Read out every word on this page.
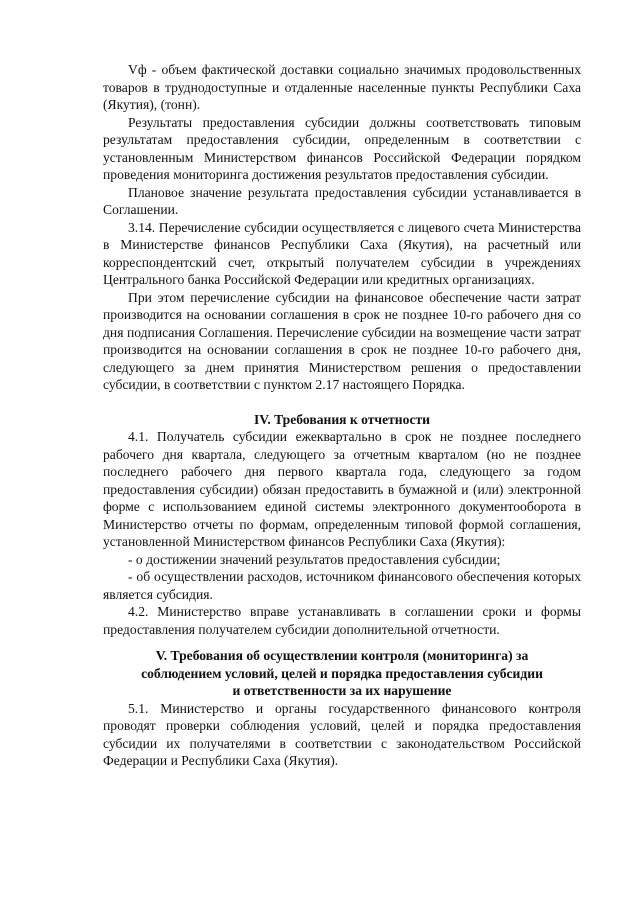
Vф - объем фактической доставки социально значимых продовольственных товаров в труднодоступные и отдаленные населенные пункты Республики Саха (Якутия), (тонн).

Результаты предоставления субсидии должны соответствовать типовым результатам предоставления субсидии, определенным в соответствии с установленным Министерством финансов Российской Федерации порядком проведения мониторинга достижения результатов предоставления субсидии.

Плановое значение результата предоставления субсидии устанавливается в Соглашении.

3.14. Перечисление субсидии осуществляется с лицевого счета Министерства в Министерстве финансов Республики Саха (Якутия), на расчетный или корреспондентский счет, открытый получателем субсидии в учреждениях Центрального банка Российской Федерации или кредитных организациях.

При этом перечисление субсидии на финансовое обеспечение части затрат производится на основании соглашения в срок не позднее 10-го рабочего дня со дня подписания Соглашения. Перечисление субсидии на возмещение части затрат производится на основании соглашения в срок не позднее 10-го рабочего дня, следующего за днем принятия Министерством решения о предоставлении субсидии, в соответствии с пунктом 2.17 настоящего Порядка.

IV. Требования к отчетности

4.1. Получатель субсидии ежеквартально в срок не позднее последнего рабочего дня квартала, следующего за отчетным кварталом (но не позднее последнего рабочего дня первого квартала года, следующего за годом предоставления субсидии) обязан предоставить в бумажной и (или) электронной форме с использованием единой системы электронного документооборота в Министерство отчеты по формам, определенным типовой формой соглашения, установленной Министерством финансов Республики Саха (Якутия):

- о достижении значений результатов предоставления субсидии;

- об осуществлении расходов, источником финансового обеспечения которых является субсидия.

4.2. Министерство вправе устанавливать в соглашении сроки и формы предоставления получателем субсидии дополнительной отчетности.

V. Требования об осуществлении контроля (мониторинга) за
соблюдением условий, целей и порядка предоставления субсидии
и ответственности за их нарушение

5.1. Министерство и органы государственного финансового контроля проводят проверки соблюдения условий, целей и порядка предоставления субсидии их получателями в соответствии с законодательством Российской Федерации и Республики Саха (Якутия).
